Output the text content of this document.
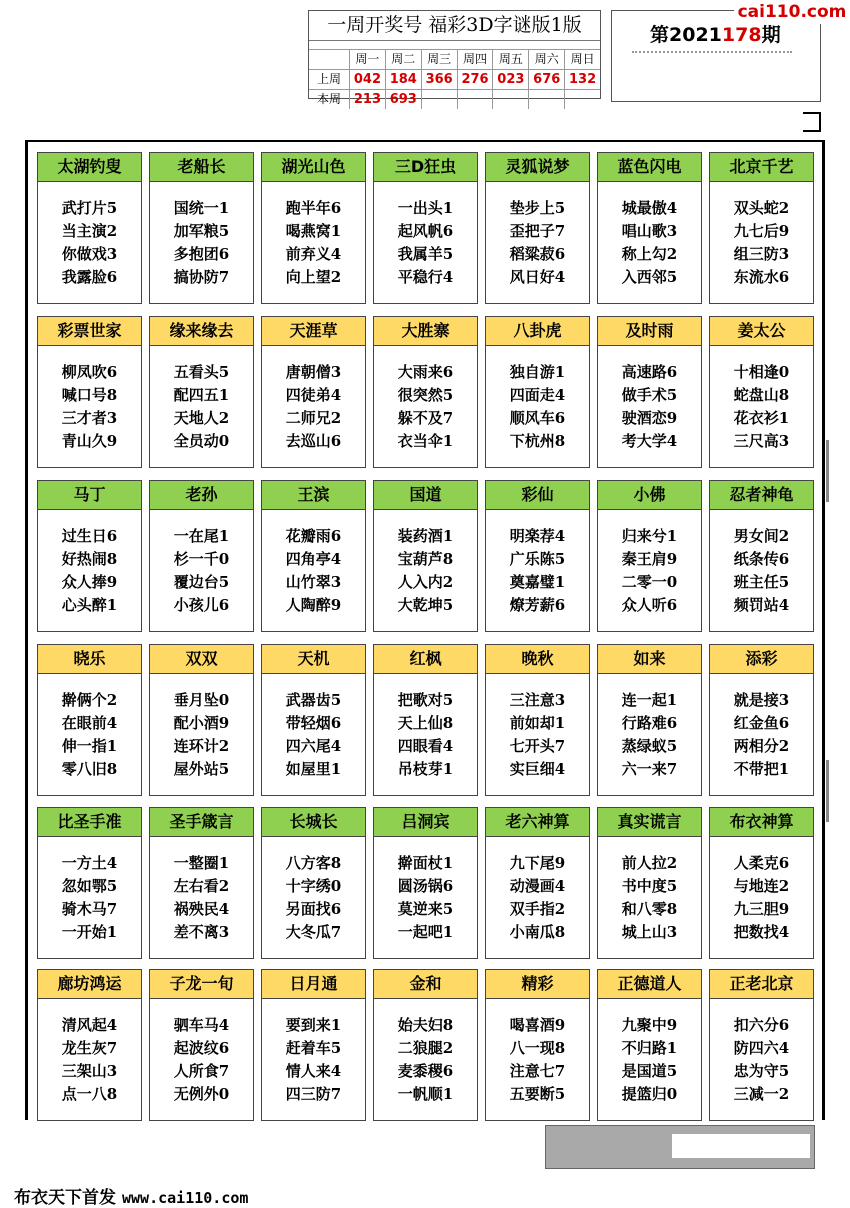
一周开奖号 福彩3D字谜版1版
周一 周二 周三 周四 周五 周六 周日
上周 042 184 366 276 023 676 132
本周 213 693
第2021178期
cai110.com
太湖钓叟
武打片5
当主演2
你做戏3
我露脸6
老船长
国统一1
加军粮5
多抱团6
搞协防7
湖光山色
跑半年6
喝燕窝1
前弃义4
向上望2
三D狂虫
一出头1
起风帆6
我属羊5
平稳行4
灵狐说梦
垫步上5
歪把子7
稻粱菽6
风日好4
蓝色闪电
城最傲4
唱山歌3
称上勾2
入西邻5
北京千艺
双头蛇2
九七后9
组三防3
东流水6
彩票世家
柳凤吹6
喊口号8
三才者3
青山久9
缘来缘去
五看头5
配四五1
天地人2
全员动0
天涯草
唐朝僧3
四徒弟4
二师兄2
去巡山6
大胜寨
大雨来6
很突然5
躲不及7
衣当伞1
八卦虎
独自游1
四面走4
顺风车6
下杭州8
及时雨
高速路6
做手术5
驶酒恋9
考大学4
姜太公
十相逢0
蛇盘山8
花衣衫1
三尺高3
马丁
过生日6
好热闹8
众人捧9
心头醉1
老孙
一在尾1
杉一千0
覆边台5
小孩儿6
王滨
花瓣雨6
四角亭4
山竹翠3
人陶醉9
国道
装药酒1
宝葫芦8
人入内2
大乾坤5
彩仙
明楽荐4
广乐陈5
奠嘉璧1
燎芳薪6
小佛
归来兮1
秦王肩9
二零一0
众人听6
忍者神龟
男女间2
纸条传6
班主任5
频罚站4
晓乐
擀俩个2
在眼前4
伸一指1
零八旧8
双双
垂月坠0
配小酒9
连环计2
屋外站5
天机
武器齿5
带轻烟6
四六尾4
如屋里1
红枫
把歌对5
天上仙8
四眼看4
吊枝芽1
晚秋
三注意3
前如却1
七开头7
实巨细4
如来
连一起1
行路难6
蒸绿蚁5
六一来7
添彩
就是接3
红金鱼6
两相分2
不带把1
比圣手准
一方土4
忽如鄂5
骑木马7
一开始1
圣手箴言
一整圈1
左右看2
祸殃民4
差不离3
长城长
八方客8
十字绣0
另面找6
大冬瓜7
吕洞宾
擀面杖1
圆汤锅6
莫逆来5
一起吧1
老六神算
九下尾9
动漫画4
双手指2
小南瓜8
真实谎言
前人拉2
书中度5
和八零8
城上山3
布衣神算
人柔克6
与地连2
九三胆9
把数找4
廊坊鸿运
清风起4
龙生灰7
三架山3
点一八8
子龙一旬
驷车马4
起波纹6
人所食7
无例外0
日月通
要到来1
赶着车5
情人来4
四三防7
金和
始夫妇8
二狼腿2
麦黍稷6
一帆顺1
精彩
喝喜酒9
八一现8
注意七7
五要断5
正德道人
九聚中9
不归路1
是国道5
提篮归0
正老北京
扣六分6
防四六4
忠为守5
三减一2
布衣天下首发 www.cai110.com
